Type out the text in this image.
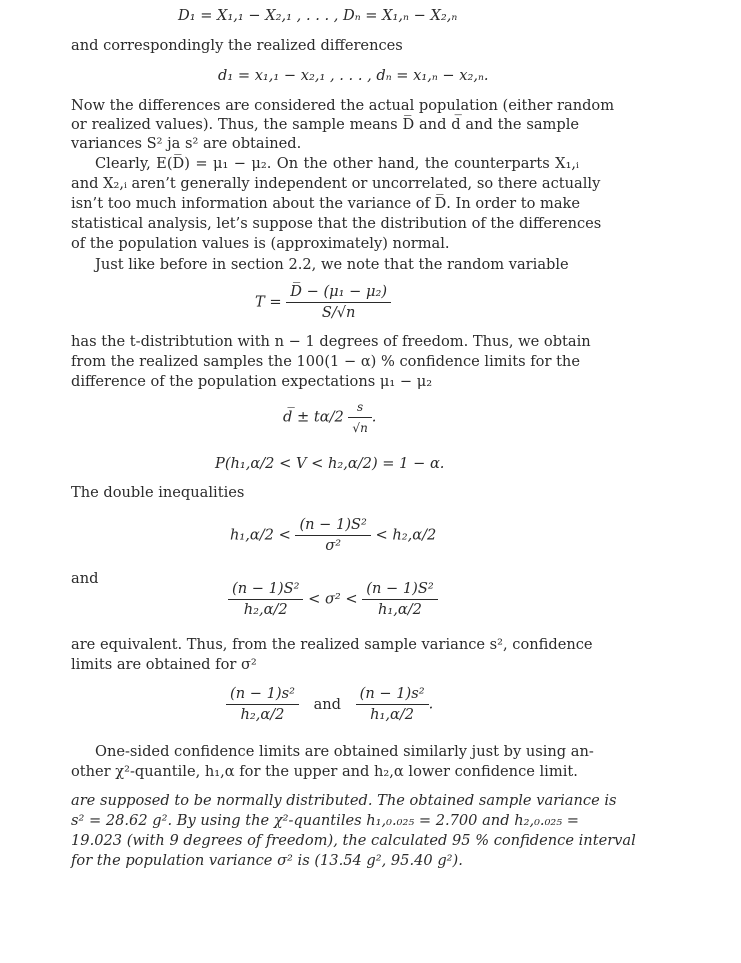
D₁ = X₁,₁ − X₂,₁ , . . . , Dₙ = X₁,ₙ − X₂,ₙ
and correspondingly the realized differences
d₁ = x₁,₁ − x₂,₁ , . . . , dₙ = x₁,ₙ − x₂,ₙ.
Now the differences are considered the actual population (either random
or realized values). Thus, the sample means D̅ and d̅ and the sample
variances S² ja s² are obtained.
Clearly, E(D̅) = μ₁ − μ₂. On the other hand, the counterparts X₁,ᵢ
and X₂,ᵢ aren’t generally independent or uncorrelated, so there actually
isn’t too much information about the variance of D̅. In order to make
statistical analysis, let’s suppose that the distribution of the differences
of the population values is (approximately) normal.
Just like before in section 2.2, we note that the random variable
$T = \frac{\text{D̅ − (μ₁ − μ₂)}}{S/√n}$
has the t-distribtution with n − 1 degrees of freedom. Thus, we obtain
from the realized samples the 100(1 − α) % confidence limits for the
difference of the population expectations μ₁ − μ₂
d̅ ± $t\alpha/2 \frac{s}{√n}$ .
P(h₁,α/2 < V < h₂,α/2) = 1 − α.
The double inequalities
$h_1,\alpha/2 < \frac{\text{(n − 1)S²}}{\text{σ²}} < h_2,\alpha/2$
and
$\frac{\text{(n − 1)S²}}{\text{h₂,α/2}} < \sigma^2 < \frac{\text{(n − 1)S²}}{\text{h₁,α/2}}$
are equivalent. Thus, from the realized sample variance s², confidence
limits are obtained for σ²
$\frac{\text{(n − 1)s²}}{\text{h₂,α/2}}$ and $\frac{\text{(n − 1)s²}}{\text{h₁,α/2}}$ .
One-sided confidence limits are obtained similarly just by using an-
other χ²-quantile, h₁,α for the upper and h₂,α lower confidence limit.
are supposed to be normally distributed. The obtained sample variance is
s² = 28.62 g². By using the χ²-quantiles h₁,₀.₀₂₅ = 2.700 and h₂,₀.₀₂₅ =
19.023 (with 9 degrees of freedom), the calculated 95 % confidence interval
for the population variance σ² is (13.54 g², 95.40 g²).
